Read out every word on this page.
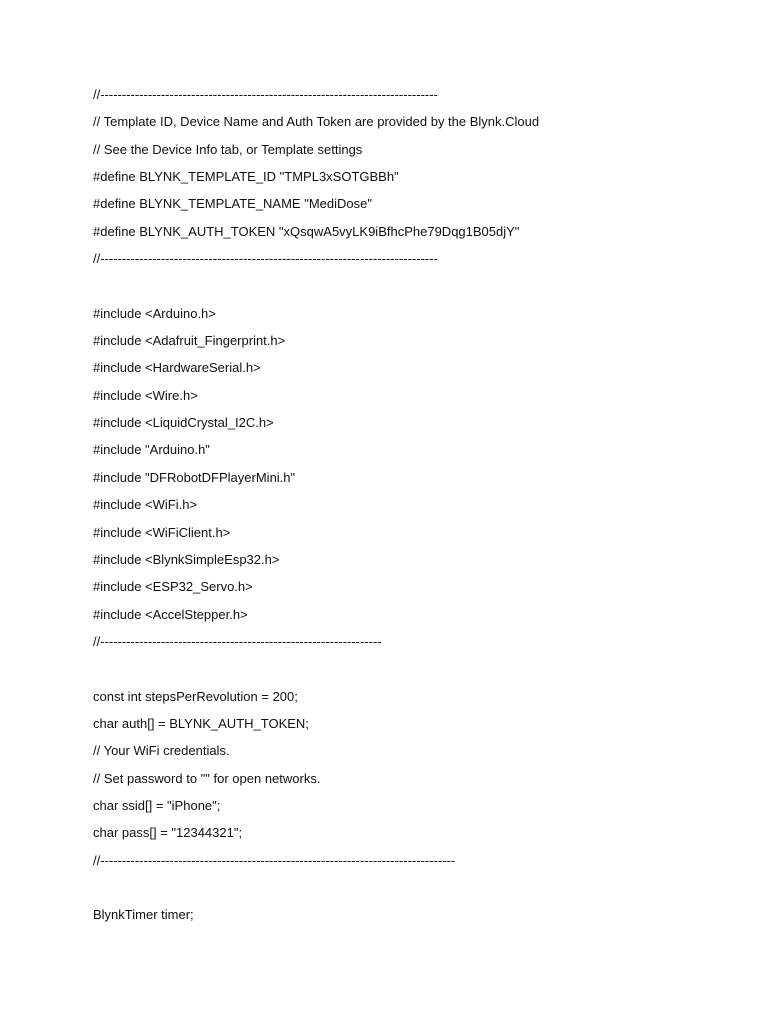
//------------------------------------------------------------------------------
// Template ID, Device Name and Auth Token are provided by the Blynk.Cloud
// See the Device Info tab, or Template settings
#define BLYNK_TEMPLATE_ID "TMPL3xSOTGBBh"
#define BLYNK_TEMPLATE_NAME "MediDose"
#define BLYNK_AUTH_TOKEN "xQsqwA5vyLK9iBfhcPhe79Dqg1B05djY"
//------------------------------------------------------------------------------
#include <Arduino.h>
#include <Adafruit_Fingerprint.h>
#include <HardwareSerial.h>
#include <Wire.h>
#include <LiquidCrystal_I2C.h>
#include "Arduino.h"
#include "DFRobotDFPlayerMini.h"
#include <WiFi.h>
#include <WiFiClient.h>
#include <BlynkSimpleEsp32.h>
#include <ESP32_Servo.h>
#include <AccelStepper.h>
//-----------------------------------------------------------------
const int stepsPerRevolution = 200;
char auth[] = BLYNK_AUTH_TOKEN;
// Your WiFi credentials.
// Set password to "" for open networks.
char ssid[] = "iPhone";
char pass[] = "12344321";
//----------------------------------------------------------------------------------
BlynkTimer timer;
